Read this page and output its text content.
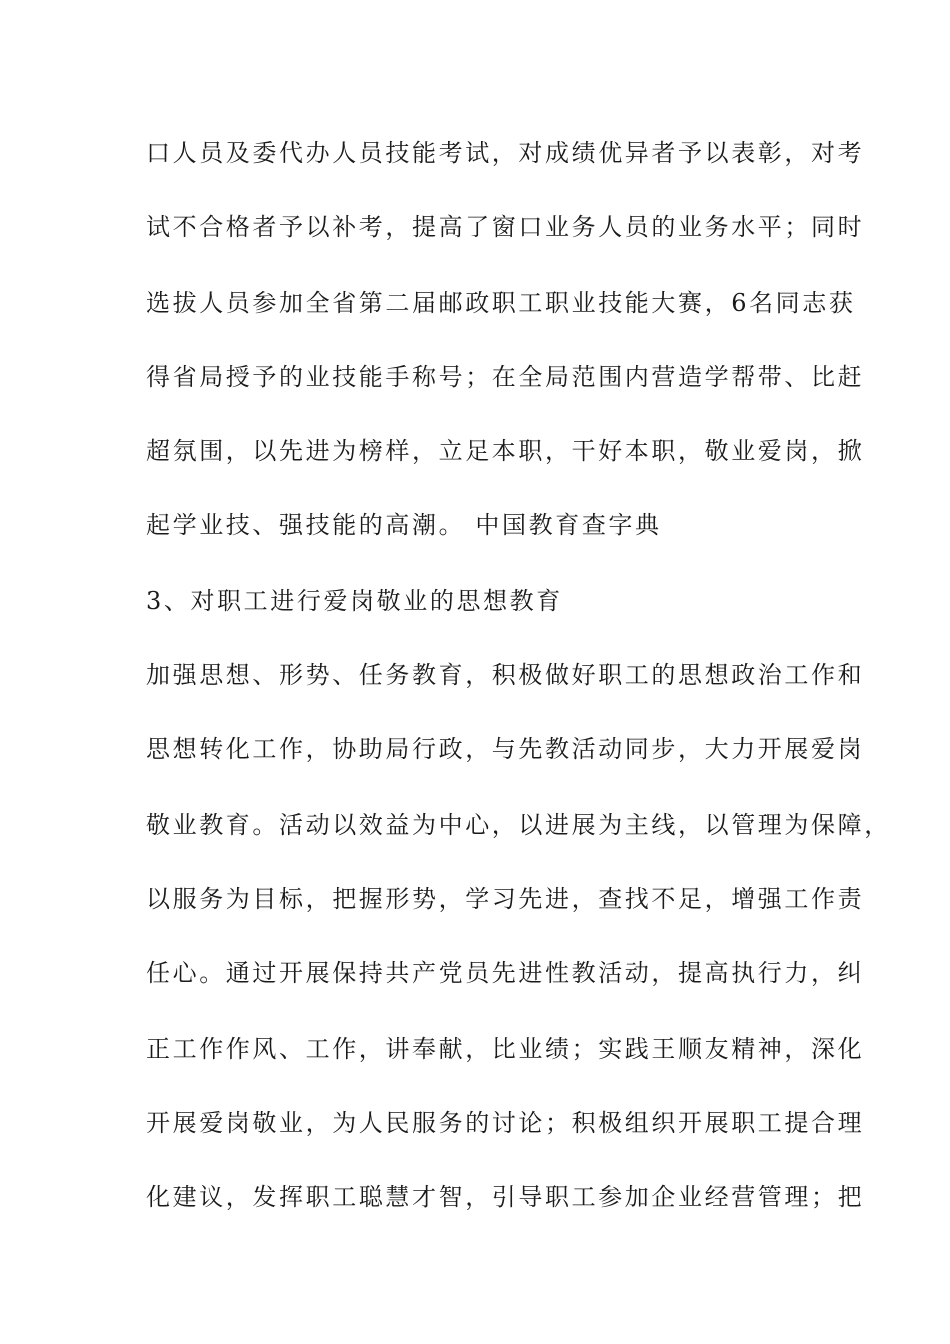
口人员及委代办人员技能考试，对成绩优异者予以表彰，对考
试不合格者予以补考，提高了窗口业务人员的业务水平；同时
选拔人员参加全省第二届邮政职工职业技能大赛，6名同志获
得省局授予的业技能手称号；在全局范围内营造学帮带、比赶
超氛围，以先进为榜样，立足本职，干好本职，敬业爱岗，掀
起学业技、强技能的高潮。 中国教育查字典
3、对职工进行爱岗敬业的思想教育
加强思想、形势、任务教育，积极做好职工的思想政治工作和
思想转化工作，协助局行政，与先教活动同步，大力开展爱岗
敬业教育。活动以效益为中心，以进展为主线，以管理为保障，
以服务为目标，把握形势，学习先进，查找不足，增强工作责
任心。通过开展保持共产党员先进性教活动，提高执行力，纠
正工作作风、工作，讲奉献，比业绩；实践王顺友精神，深化
开展爱岗敬业，为人民服务的讨论；积极组织开展职工提合理
化建议，发挥职工聪慧才智，引导职工参加企业经营管理；把
